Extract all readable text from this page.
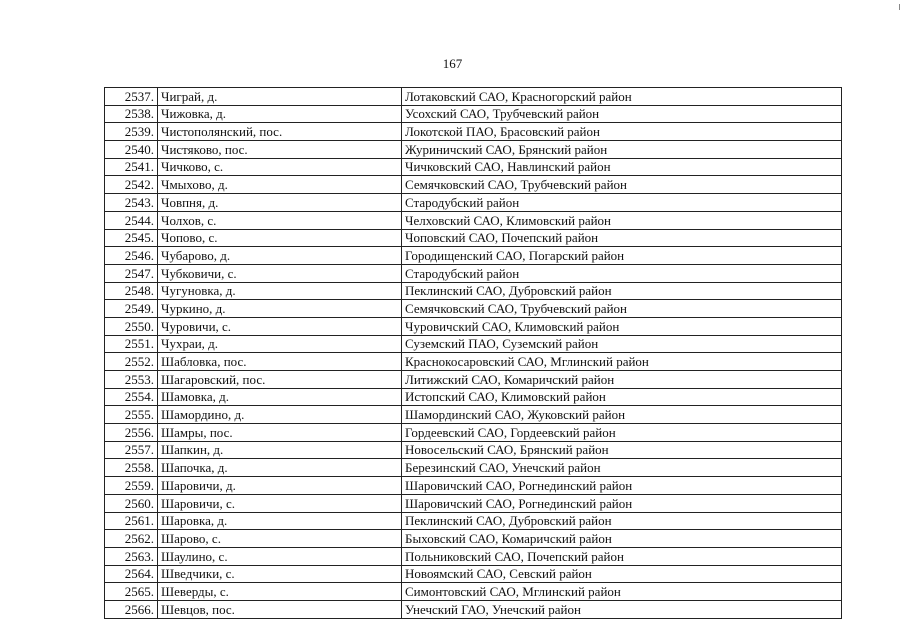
167
2537.	Чиграй, д.	Лотаковский САО, Красногорский район
2538.	Чижовка, д.	Усохский САО, Трубчевский район
2539.	Чистополянский, пос.	Локотской ПАО, Брасовский район
2540.	Чистяково, пос.	Журиничский САО, Брянский район
2541.	Чичково, с.	Чичковский САО, Навлинский район
2542.	Чмыхово, д.	Семячковский САО, Трубчевский район
2543.	Човпня, д.	Стародубский район
2544.	Чолхов, с.	Челховский САО, Климовский район
2545.	Чопово, с.	Чоповский САО, Почепский район
2546.	Чубарово, д.	Городищенский САО, Погарский район
2547.	Чубковичи, с.	Стародубский район
2548.	Чугуновка, д.	Пеклинский САО, Дубровский район
2549.	Чуркино, д.	Семячковский САО, Трубчевский район
2550.	Чуровичи, с.	Чуровичский САО, Климовский район
2551.	Чухраи, д.	Суземский ПАО, Суземский район
2552.	Шабловка, пос.	Краснокосаровский САО, Мглинский район
2553.	Шагаровский, пос.	Литижский САО, Комаричский район
2554.	Шамовка, д.	Истопский САО, Климовский район
2555.	Шамордино, д.	Шамординский САО, Жуковский район
2556.	Шамры, пос.	Гордеевский САО, Гордеевский район
2557.	Шапкин, д.	Новосельский САО, Брянский район
2558.	Шапочка, д.	Березинский САО, Унечский район
2559.	Шаровичи, д.	Шаровичский САО, Рогнединский район
2560.	Шаровичи, с.	Шаровичский САО, Рогнединский район
2561.	Шаровка, д.	Пеклинский САО, Дубровский район
2562.	Шарово, с.	Быховский САО, Комаричский район
2563.	Шаулино, с.	Польниковский САО, Почепский район
2564.	Шведчики, с.	Новоямский САО, Севский район
2565.	Шеверды, с.	Симонтовский САО, Мглинский район
2566.	Шевцов, пос.	Унечский ГАО, Унечский район
